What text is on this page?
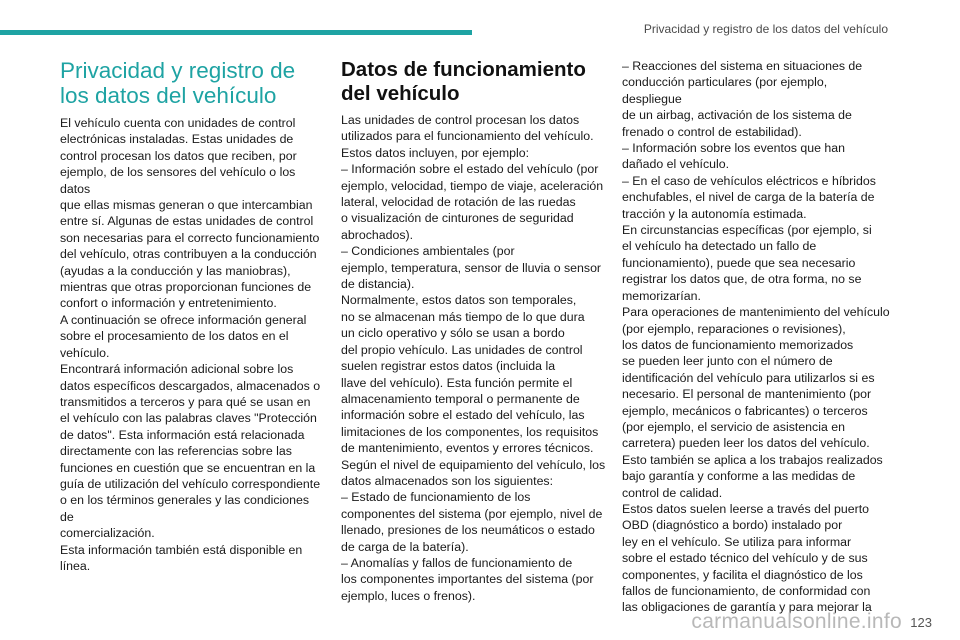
Privacidad y registro de los datos del vehículo
Privacidad y registro de
los datos del vehículo

El vehículo cuenta con unidades de control
electrónicas instaladas. Estas unidades de
control procesan los datos que reciben, por
ejemplo, de los sensores del vehículo o los datos
que ellas mismas generan o que intercambian
entre sí. Algunas de estas unidades de control
son necesarias para el correcto funcionamiento
del vehículo, otras contribuyen a la conducción
(ayudas a la conducción y las maniobras),
mientras que otras proporcionan funciones de
confort o información y entretenimiento.
A continuación se ofrece información general
sobre el procesamiento de los datos en el
vehículo.
Encontrará información adicional sobre los
datos específicos descargados, almacenados o
transmitidos a terceros y para qué se usan en
el vehículo con las palabras claves "Protección
de datos". Esta información está relacionada
directamente con las referencias sobre las
funciones en cuestión que se encuentran en la
guía de utilización del vehículo correspondiente
o en los términos generales y las condiciones de
comercialización.
Esta información también está disponible en
línea.

Datos de funcionamiento
del vehículo

Las unidades de control procesan los datos
utilizados para el funcionamiento del vehículo.
Estos datos incluyen, por ejemplo:
– Información sobre el estado del vehículo (por
ejemplo, velocidad, tiempo de viaje, aceleración
lateral, velocidad de rotación de las ruedas
o visualización de cinturones de seguridad
abrochados).
– Condiciones ambientales (por
ejemplo, temperatura, sensor de lluvia o sensor
de distancia).
Normalmente, estos datos son temporales,
no se almacenan más tiempo de lo que dura
un ciclo operativo y sólo se usan a bordo
del propio vehículo. Las unidades de control
suelen registrar estos datos (incluida la
llave del vehículo). Esta función permite el
almacenamiento temporal o permanente de
información sobre el estado del vehículo, las
limitaciones de los componentes, los requisitos
de mantenimiento, eventos y errores técnicos.
Según el nivel de equipamiento del vehículo, los
datos almacenados son los siguientes:
– Estado de funcionamiento de los
componentes del sistema (por ejemplo, nivel de
llenado, presiones de los neumáticos o estado
de carga de la batería).
– Anomalías y fallos de funcionamiento de
los componentes importantes del sistema (por
ejemplo, luces o frenos).

– Reacciones del sistema en situaciones de
conducción particulares (por ejemplo, despliegue
de un airbag, activación de los sistema de
frenado o control de estabilidad).
– Información sobre los eventos que han
dañado el vehículo.
– En el caso de vehículos eléctricos e híbridos
enchufables, el nivel de carga de la batería de
tracción y la autonomía estimada.
En circunstancias específicas (por ejemplo, si
el vehículo ha detectado un fallo de
funcionamiento), puede que sea necesario
registrar los datos que, de otra forma, no se
memorizarían.
Para operaciones de mantenimiento del vehículo
(por ejemplo, reparaciones o revisiones),
los datos de funcionamiento memorizados
se pueden leer junto con el número de
identificación del vehículo para utilizarlos si es
necesario. El personal de mantenimiento (por
ejemplo, mecánicos o fabricantes) o terceros
(por ejemplo, el servicio de asistencia en
carretera) pueden leer los datos del vehículo.
Esto también se aplica a los trabajos realizados
bajo garantía y conforme a las medidas de
control de calidad.
Estos datos suelen leerse a través del puerto
OBD (diagnóstico a bordo) instalado por
ley en el vehículo. Se utiliza para informar
sobre el estado técnico del vehículo y de sus
componentes, y facilita el diagnóstico de los
fallos de funcionamiento, de conformidad con
las obligaciones de garantía y para mejorar la

carmanualsonline.info 123
